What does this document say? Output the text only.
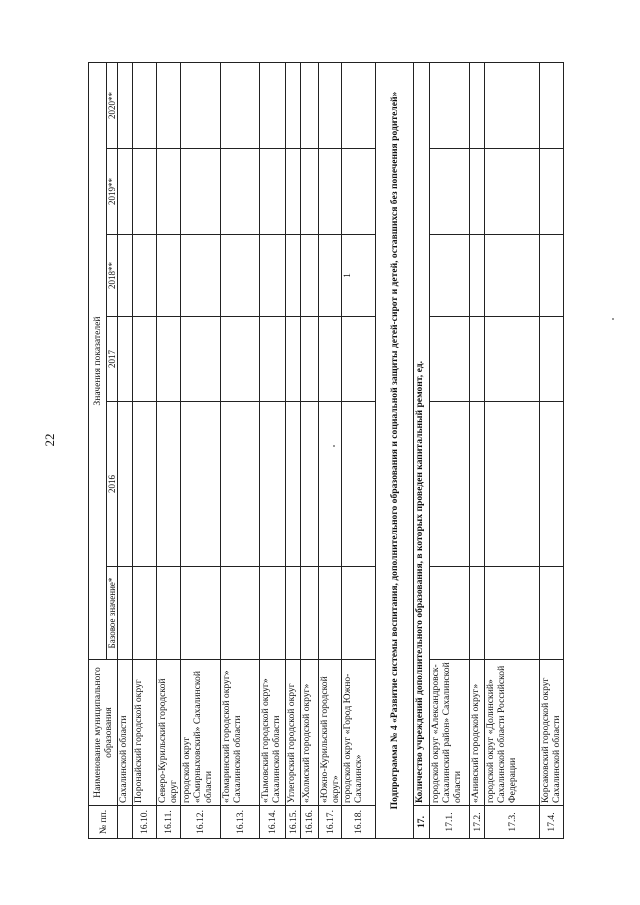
22
№ пп.	Наименование муниципального образования	Значения показателей					
		Базовое значение*	2016	2017	2018**	2019**	2020**
	Сахалинской области						
16.10.	Поронайский городской округ						
16.11.	Северо-Курильский городской округ						
16.12.	городской округ «Смирныховский» Сахалинской области						
16.13.	«Томаринский городской округ» Сахалинской области						
16.14.	«Тымовский городской округ» Сахалинской области						
16.15.	Углегорский городской округ						
16.16.	«Холмский городской округ»						
16.17.	«Южно-Курильский городской округ»						
16.18.	городской округ «Город Южно-Сахалинск»				1		
Подпрограмма № 4 «Развитие системы воспитания, дополнительного образования и социальной защиты детей-сирот и детей, оставшихся без попечения родителей»							
17.	Количество учреждений дополнительного образования, в которых проведен капитальный ремонт, ед.						
17.1.	городской округ «Александровск-Сахалинский район» Сахалинской области						
17.2.	«Анивский городской округ»						
17.3.	городской округ «Долинский» Сахалинской области Российской Федерации						
17.4.	Корсаковский городской округ Сахалинской области						
